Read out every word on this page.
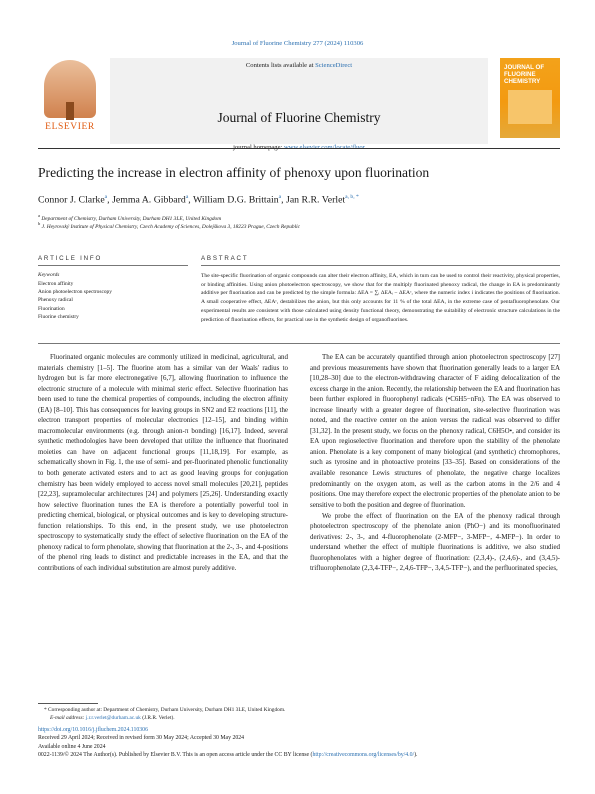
Journal of Fluorine Chemistry 277 (2024) 110306
ELSEVIER
Contents lists available at ScienceDirect
Journal of Fluorine Chemistry
JOURNAL OF FLUORINE CHEMISTRY
Predicting the increase in electron affinity of phenoxy upon fluorination
Connor J. Clarke$^a$, Jemma A. Gibbard$^a$, William D.G. Brittain$^a$, Jan R.R. Verlet$^{a, b, *}$
$^a$ Department of Chemistry, Durham University, Durham DH1 3LE, United Kingdom
$^b$ J. Heyrovský Institute of Physical Chemistry, Czech Academy of Sciences, Dolejškova 3, 18223 Prague, Czech Republic
ARTICLE INFO	ABSTRACT
Keywords
Electron affinity
Anion photoelectron spectroscopy
Phenoxy radical
Fluorination
Fluorine chemistry
The site-specific fluorination of organic compounds can alter their electron affinity, EA, which in turn can be used to control their reactivity, physical properties, or binding affinities. Using anion photoelectron spectroscopy, we show that for the multiply fluorinated phenoxy radical, the change in EA is predominantly additive per fluorination and can be predicted by the simple formula: ΔEA = ∑ᵢ ΔEAᵢ − ΔEAᶜ, where the numeric index i indicates the positions of fluorination. A small cooperative effect, ΔEAᶜ, destabilizes the anion, but this only accounts for 11 % of the total ΔEA, in the extreme case of pentafluorophenolate. Our experimental results are consistent with those calculated using density functional theory, demonstrating the suitability of electronic structure calculations in the prediction of fluorination effects, for practical use in the synthetic design of organofluorines.

Fluorinated organic molecules are commonly utilized in medicinal, agricultural, and materials chemistry [1–5]. The fluorine atom has a similar van der Waals' radius to hydrogen but is far more electronegative [6,7], allowing fluorination to influence the electronic structure of a molecule with minimal steric effect. Selective fluorination has been used to tune the chemical properties of compounds, including the electron affinity (EA) [8–10]. This has consequences for leaving groups in SN2 and E2 reactions [11], the electron transport properties of molecular electronics [12–15], and binding within macromolecular environments (e.g. through anion-π bonding) [16,17]. Indeed, several synthetic methodologies have been developed that utilize the influence that fluorinated moieties can have on adjacent functional groups [11,18,19]. For example, as schematically shown in Fig. 1, the use of semi- and per-fluorinated phenolic functionality to both generate activated esters and to act as good leaving groups for conjugation chemistry has been widely employed to access novel small molecules [20,21], peptides [22,23], supramolecular architectures [24] and polymers [25,26]. Understanding exactly how selective fluorination tunes the EA is therefore a potentially powerful tool in predicting chemical, biological, or physical outcomes and is key to developing structure-function relationships. To this end, in the present study, we use photoelectron spectroscopy to systematically study the effect of selective fluorination on the EA of the phenoxy radical to form phenolate, showing that fluorination at the 2-, 3-, and 4-positions of the phenol ring leads to distinct and predictable increases in the EA, and that the contributions of each individual substitution are almost purely additive.

The EA can be accurately quantified through anion photoelectron spectroscopy [27] and previous measurements have shown that fluorination generally leads to a larger EA [10,28–30] due to the electron-withdrawing character of F aiding delocalization of the excess charge in the anion. Recently, the relationship between the EA and fluorination has been further explored in fluorophenyl radicals (•C6H5−nFn). The EA was observed to increase linearly with a greater degree of fluorination, site-selective fluorination was noted, and the reactive center on the anion versus the radical was observed to differ [31,32]. In the present study, we focus on the phenoxy radical, C6H5O•, and consider its EA upon regioselective fluorination and therefore upon the stability of the phenolate anion. Phenolate is a key component of many biological (and synthetic) chromophores, such as tyrosine and in photoactive proteins [33–35]. Based on considerations of the available resonance Lewis structures of phenolate, the negative charge localizes predominantly on the oxygen atom, as well as the carbon atoms in the 2/6 and 4 positions. One may therefore expect the electronic properties of the phenolate anion to be sensitive to both the position and degree of fluorination.

We probe the effect of fluorination on the EA of the phenoxy radical through photoelectron spectroscopy of the phenolate anion (PhO−) and its monofluorinated derivatives: 2-, 3-, and 4-fluorophenolate (2-MFP−, 3-MFP−, 4-MFP−). In order to understand whether the effect of multiple fluorinations is additive, we also studied fluorophenolates with a higher degree of fluorination: (2,3,4)-, (2,4,6)-, and (3,4,5)-trifluorophenolate (2,3,4-TFP−, 2,4,6-TFP−, 3,4,5-TFP−), and the perfluorinated species,

* Corresponding author at: Department of Chemistry, Durham University, Durham DH1 3LE, United Kingdom.
E-mail address: j.r.r.verlet@durham.ac.uk (J.R.R. Verlet).
https://doi.org/10.1016/j.jfluchem.2024.110306
Received 29 April 2024; Received in revised form 30 May 2024; Accepted 30 May 2024
Available online 4 June 2024
0022-1139/© 2024 The Author(s). Published by Elsevier B.V. This is an open access article under the CC BY license (http://creativecommons.org/licenses/by/4.0/).
